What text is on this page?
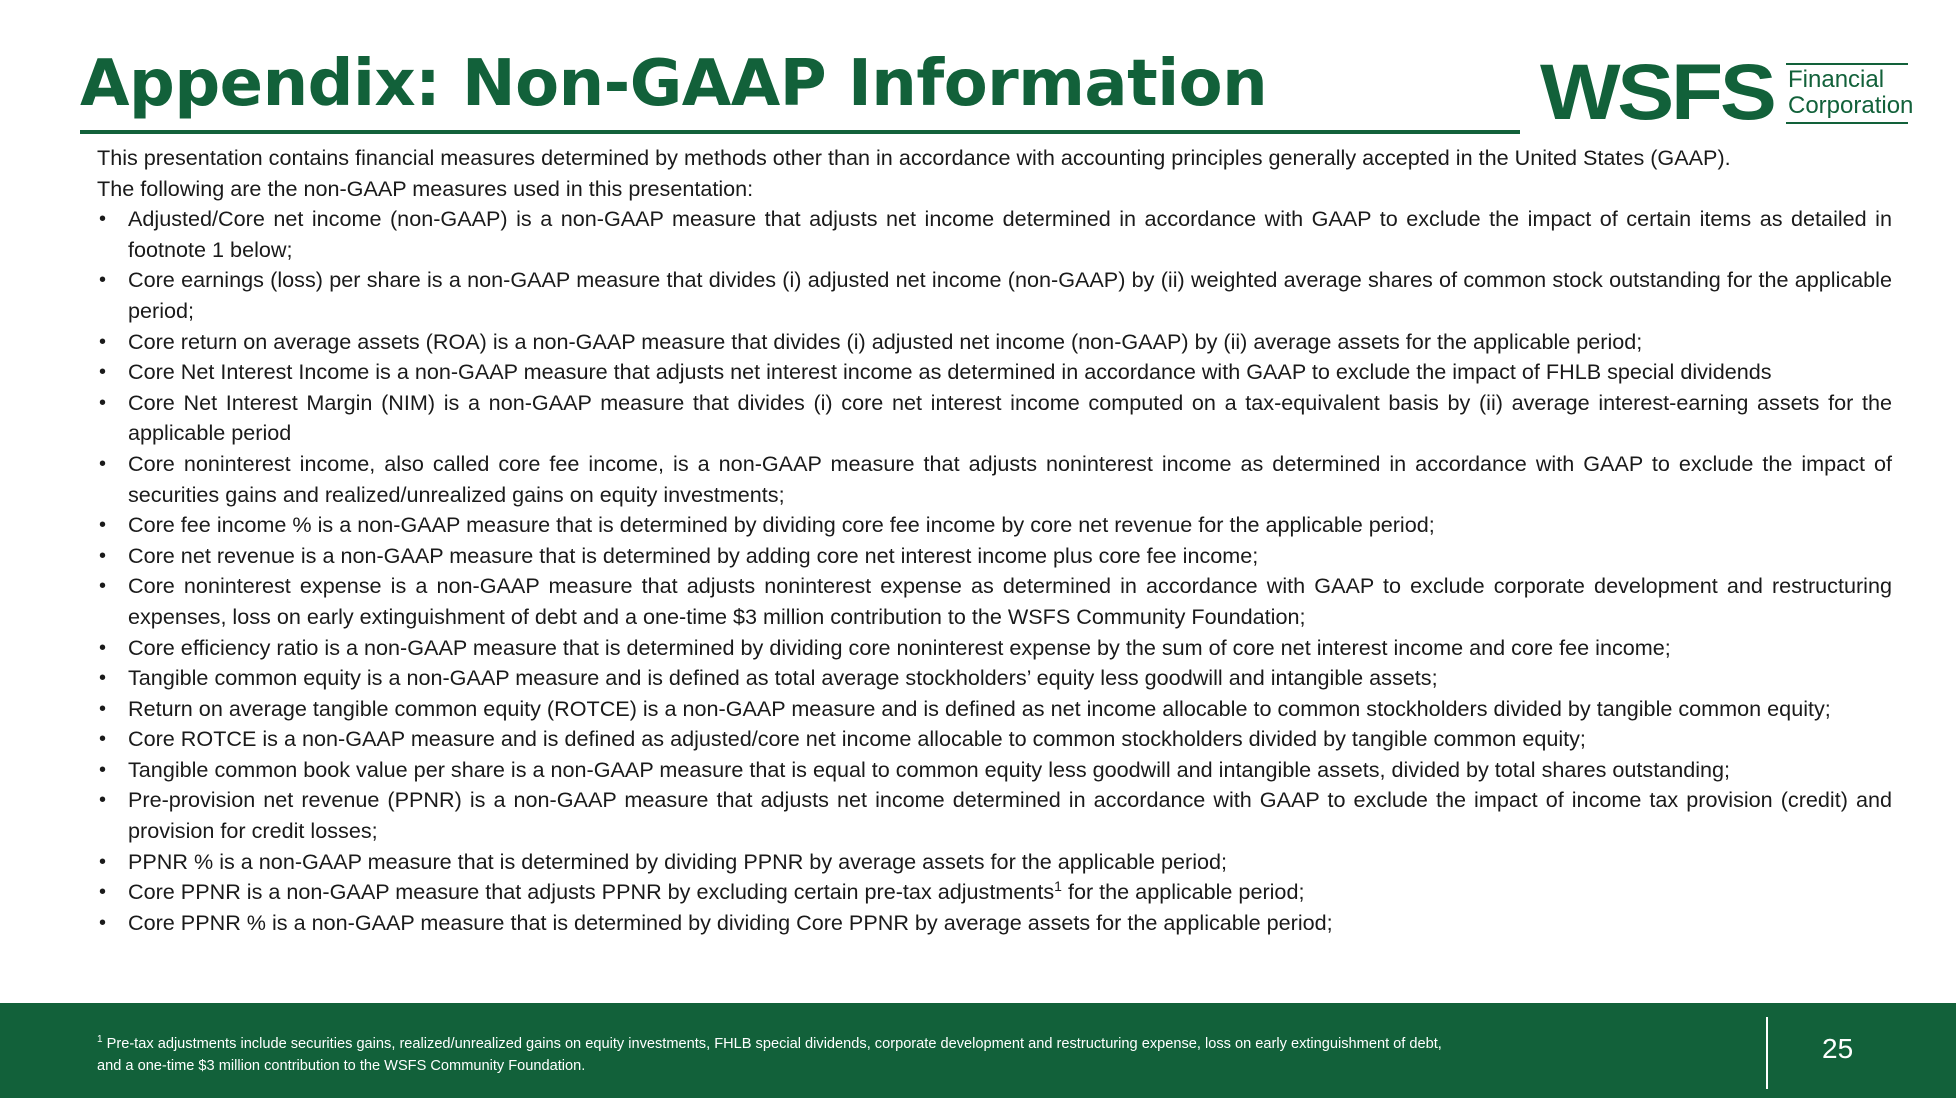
Appendix: Non-GAAP Information	WSFS Financial
Corporation

This presentation contains financial measures determined by methods other than in accordance with accounting principles generally accepted in the United States (GAAP).

The following are the non-GAAP measures used in this presentation:

• Adjusted/Core net income (non-GAAP) is a non-GAAP measure that adjusts net income determined in accordance with GAAP to exclude the impact of certain items as detailed in footnote 1 below;
• Core earnings (loss) per share is a non-GAAP measure that divides (i) adjusted net income (non-GAAP) by (ii) weighted average shares of common stock outstanding for the applicable period;
• Core return on average assets (ROA) is a non-GAAP measure that divides (i) adjusted net income (non-GAAP) by (ii) average assets for the applicable period;
• Core Net Interest Income is a non-GAAP measure that adjusts net interest income as determined in accordance with GAAP to exclude the impact of FHLB special dividends
• Core Net Interest Margin (NIM) is a non-GAAP measure that divides (i) core net interest income computed on a tax-equivalent basis by (ii) average interest-earning assets for the applicable period
• Core noninterest income, also called core fee income, is a non-GAAP measure that adjusts noninterest income as determined in accordance with GAAP to exclude the impact of securities gains and realized/unrealized gains on equity investments;
• Core fee income % is a non-GAAP measure that is determined by dividing core fee income by core net revenue for the applicable period;
• Core net revenue is a non-GAAP measure that is determined by adding core net interest income plus core fee income;
• Core noninterest expense is a non-GAAP measure that adjusts noninterest expense as determined in accordance with GAAP to exclude corporate development and restructuring expenses, loss on early extinguishment of debt and a one-time $3 million contribution to the WSFS Community Foundation;
• Core efficiency ratio is a non-GAAP measure that is determined by dividing core noninterest expense by the sum of core net interest income and core fee income;
• Tangible common equity is a non-GAAP measure and is defined as total average stockholders’ equity less goodwill and intangible assets;
• Return on average tangible common equity (ROTCE) is a non-GAAP measure and is defined as net income allocable to common stockholders divided by tangible common equity;
• Core ROTCE is a non-GAAP measure and is defined as adjusted/core net income allocable to common stockholders divided by tangible common equity;
• Tangible common book value per share is a non-GAAP measure that is equal to common equity less goodwill and intangible assets, divided by total shares outstanding;
• Pre-provision net revenue (PPNR) is a non-GAAP measure that adjusts net income determined in accordance with GAAP to exclude the impact of income tax provision (credit) and provision for credit losses;
• PPNR % is a non-GAAP measure that is determined by dividing PPNR by average assets for the applicable period;
• Core PPNR is a non-GAAP measure that adjusts PPNR by excluding certain pre-tax adjustments$^1$ for the applicable period;
• Core PPNR % is a non-GAAP measure that is determined by dividing Core PPNR by average assets for the applicable period;
$^1$ Pre-tax adjustments include securities gains, realized/unrealized gains on equity investments, FHLB special dividends, corporate development and restructuring expense, loss on early extinguishment of debt,
and a one-time $3 million contribution to the WSFS Community Foundation.
25
